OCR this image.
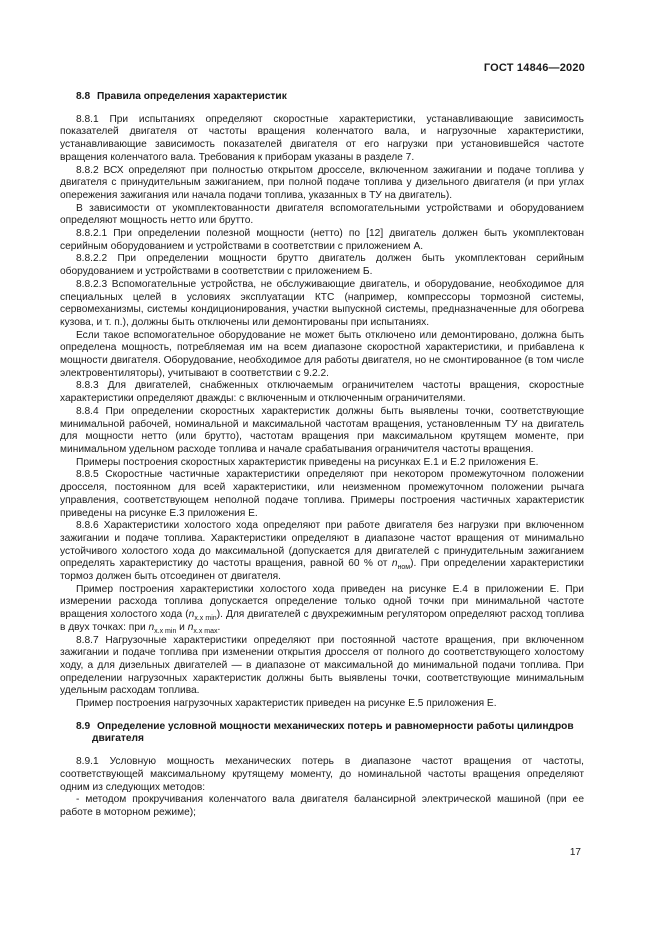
ГОСТ 14846—2020
8.8 Правила определения характеристик

8.8.1 При испытаниях определяют скоростные характеристики, устанавливающие зависимость показателей двигателя от частоты вращения коленчатого вала, и нагрузочные характеристики, устанавливающие зависимость показателей двигателя от его нагрузки при установившейся частоте вращения коленчатого вала. Требования к приборам указаны в разделе 7.

8.8.2 ВСХ определяют при полностью открытом дросселе, включенном зажигании и подаче топлива у двигателя с принудительным зажиганием, при полной подаче топлива у дизельного двигателя (и при углах опережения зажигания или начала подачи топлива, указанных в ТУ на двигатель).

В зависимости от укомплектованности двигателя вспомогательными устройствами и оборудованием определяют мощность нетто или брутто.

8.8.2.1 При определении полезной мощности (нетто) по [12] двигатель должен быть укомплектован серийным оборудованием и устройствами в соответствии с приложением А.

8.8.2.2 При определении мощности брутто двигатель должен быть укомплектован серийным оборудованием и устройствами в соответствии с приложением Б.

8.8.2.3 Вспомогательные устройства, не обслуживающие двигатель, и оборудование, необходимое для специальных целей в условиях эксплуатации КТС (например, компрессоры тормозной системы, сервомеханизмы, системы кондиционирования, участки выпускной системы, предназначенные для обогрева кузова, и т. п.), должны быть отключены или демонтированы при испытаниях.

Если такое вспомогательное оборудование не может быть отключено или демонтировано, должна быть определена мощность, потребляемая им на всем диапазоне скоростной характеристики, и прибавлена к мощности двигателя. Оборудование, необходимое для работы двигателя, но не смонтированное (в том числе электровентиляторы), учитывают в соответствии с 9.2.2.

8.8.3 Для двигателей, снабженных отключаемым ограничителем частоты вращения, скоростные характеристики определяют дважды: с включенным и отключенным ограничителями.

8.8.4 При определении скоростных характеристик должны быть выявлены точки, соответствующие минимальной рабочей, номинальной и максимальной частотам вращения, установленным ТУ на двигатель для мощности нетто (или брутто), частотам вращения при максимальном крутящем моменте, при минимальном удельном расходе топлива и начале срабатывания ограничителя частоты вращения.

Примеры построения скоростных характеристик приведены на рисунках Е.1 и Е.2 приложения Е.

8.8.5 Скоростные частичные характеристики определяют при некотором промежуточном положении дросселя, постоянном для всей характеристики, или неизменном промежуточном положении рычага управления, соответствующем неполной подаче топлива. Примеры построения частичных характеристик приведены на рисунке Е.3 приложения Е.

8.8.6 Характеристики холостого хода определяют при работе двигателя без нагрузки при включенном зажигании и подаче топлива. Характеристики определяют в диапазоне частот вращения от минимально устойчивого холостого хода до максимальной (допускается для двигателей с принудительным зажиганием определять характеристику до частоты вращения, равной 60 % от $n_{ном}$). При определении характеристики тормоз должен быть отсоединен от двигателя.

Пример построения характеристики холостого хода приведен на рисунке Е.4 в приложении Е. При измерении расхода топлива допускается определение только одной точки при минимальной частоте вращения холостого хода $(n_{х.х min})$. Для двигателей с двухрежимным регулятором определяют расход топлива в двух точках: при $n_{х.х min}$ и $n_{х.х max}$.

8.8.7 Нагрузочные характеристики определяют при постоянной частоте вращения, при включенном зажигании и подаче топлива при изменении открытия дросселя от полного до соответствующего холостому ходу, а для дизельных двигателей — в диапазоне от максимальной до минимальной подачи топлива. При определении нагрузочных характеристик должны быть выявлены точки, соответствующие минимальным удельным расходам топлива.

Пример построения нагрузочных характеристик приведен на рисунке Е.5 приложения Е.

8.9 Определение условной мощности механических потерь и равномерности работы цилиндров двигателя

8.9.1 Условную мощность механических потерь в диапазоне частот вращения от частоты, соответствующей максимальному крутящему моменту, до номинальной частоты вращения определяют одним из следующих методов:

- методом прокручивания коленчатого вала двигателя балансирной электрической машиной (при ее работе в моторном режиме);

17
